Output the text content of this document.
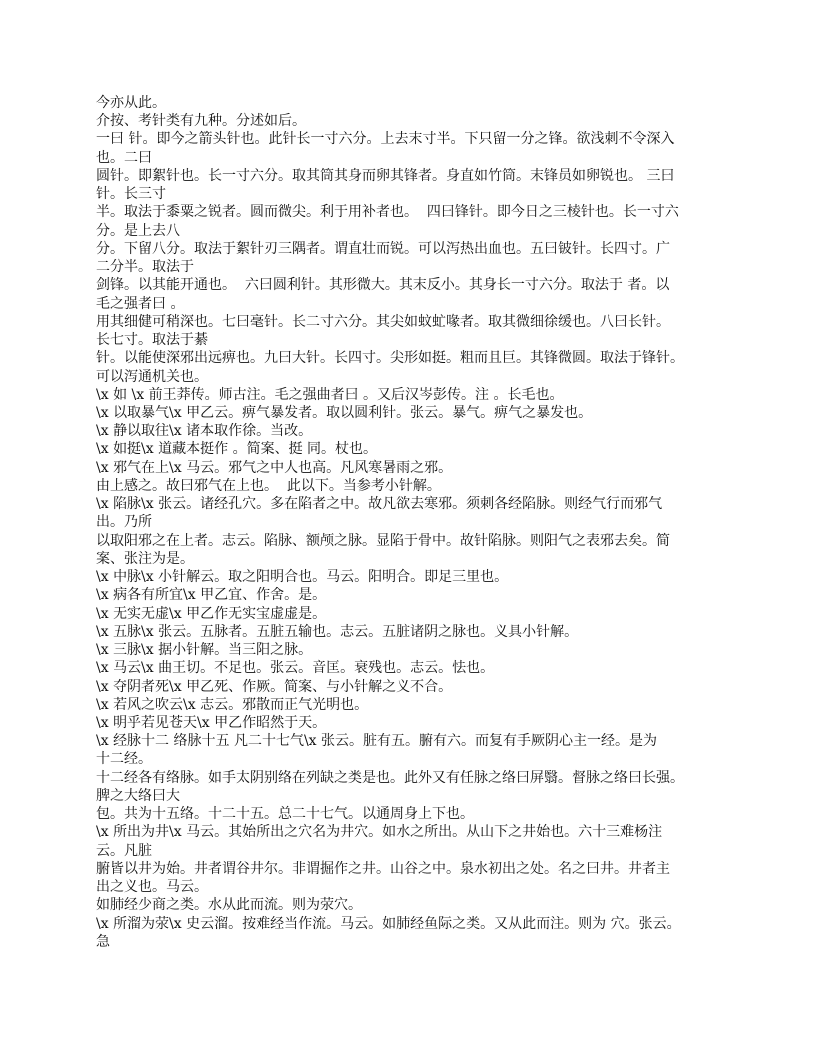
今亦从此。
介按、考针类有九种。分述如后。
一曰 针。即今之箭头针也。此针长一寸六分。上去末寸半。下只留一分之锋。欲浅刺不令深入
也。二曰
圆针。即絮针也。长一寸六分。取其筒其身而卵其锋者。身直如竹筒。末锋员如卵锐也。 三曰
针。长三寸
半。取法于黍粟之锐者。圆而微尖。利于用补者也。  四曰锋针。即今日之三棱针也。长一寸六
分。是上去八
分。下留八分。取法于絮针刃三隅者。谓直壮而锐。可以泻热出血也。五曰铍针。长四寸。广
二分半。取法于
剑锋。以其能开通也。  六曰圆利针。其形微大。其末反小。其身长一寸六分。取法于 者。以
毛之强者曰 。
用其细健可稍深也。七曰毫针。长二寸六分。其尖如蚊虻喙者。取其微细徐缓也。八曰长针。
长七寸。取法于綦
针。以能使深邪出远痹也。九曰大针。长四寸。尖形如挺。粗而且巨。其锋微圆。取法于锋针。
可以泻通机关也。
\x 如 \x 前王莽传。师古注。毛之强曲者曰 。又后汉岑彭传。注 。长毛也。
\x 以取暴气\x 甲乙云。痹气暴发者。取以圆利针。张云。暴气。痹气之暴发也。
\x 静以取往\x 诸本取作徐。当改。
\x 如挺\x 道藏本挺作 。简案、挺 同。杖也。
\x 邪气在上\x 马云。邪气之中人也高。凡风寒暑雨之邪。
由上感之。故曰邪气在上也。  此以下。当参考小针解。
\x 陷脉\x 张云。诸经孔穴。多在陷者之中。故凡欲去寒邪。须刺各经陷脉。则经气行而邪气
出。乃所
以取阳邪之在上者。志云。陷脉、额颅之脉。显陷于骨中。故针陷脉。则阳气之表邪去矣。简
案、张注为是。
\x 中脉\x 小针解云。取之阳明合也。马云。阳明合。即足三里也。
\x 病各有所宜\x 甲乙宜、作舍。是。
\x 无实无虚\x 甲乙作无实宝虚虚是。
\x 五脉\x 张云。五脉者。五脏五输也。志云。五脏诸阴之脉也。义具小针解。
\x 三脉\x 据小针解。当三阳之脉。
\x 马云\x 曲王切。不足也。张云。音匡。衰残也。志云。怯也。
\x 夺阴者死\x 甲乙死、作厥。简案、与小针解之义不合。
\x 若风之吹云\x 志云。邪散而正气光明也。
\x 明乎若见苍天\x 甲乙作昭然于天。
\x 经脉十二 络脉十五 凡二十七气\x 张云。脏有五。腑有六。而复有手厥阴心主一经。是为
十二经。
十二经各有络脉。如手太阴别络在列缺之类是也。此外又有任脉之络曰屏翳。督脉之络曰长强。
脾之大络曰大
包。共为十五络。十二十五。总二十七气。以通周身上下也。
\x 所出为井\x 马云。其始所出之穴名为井穴。如水之所出。从山下之井始也。六十三难杨注
云。凡脏
腑皆以井为始。井者谓谷井尔。非谓掘作之井。山谷之中。泉水初出之处。名之曰井。井者主
出之义也。马云。
如肺经少商之类。水从此而流。则为荥穴。
\x 所溜为荥\x 史云溜。按难经当作流。马云。如肺经鱼际之类。又从此而注。则为 穴。张云。
急
